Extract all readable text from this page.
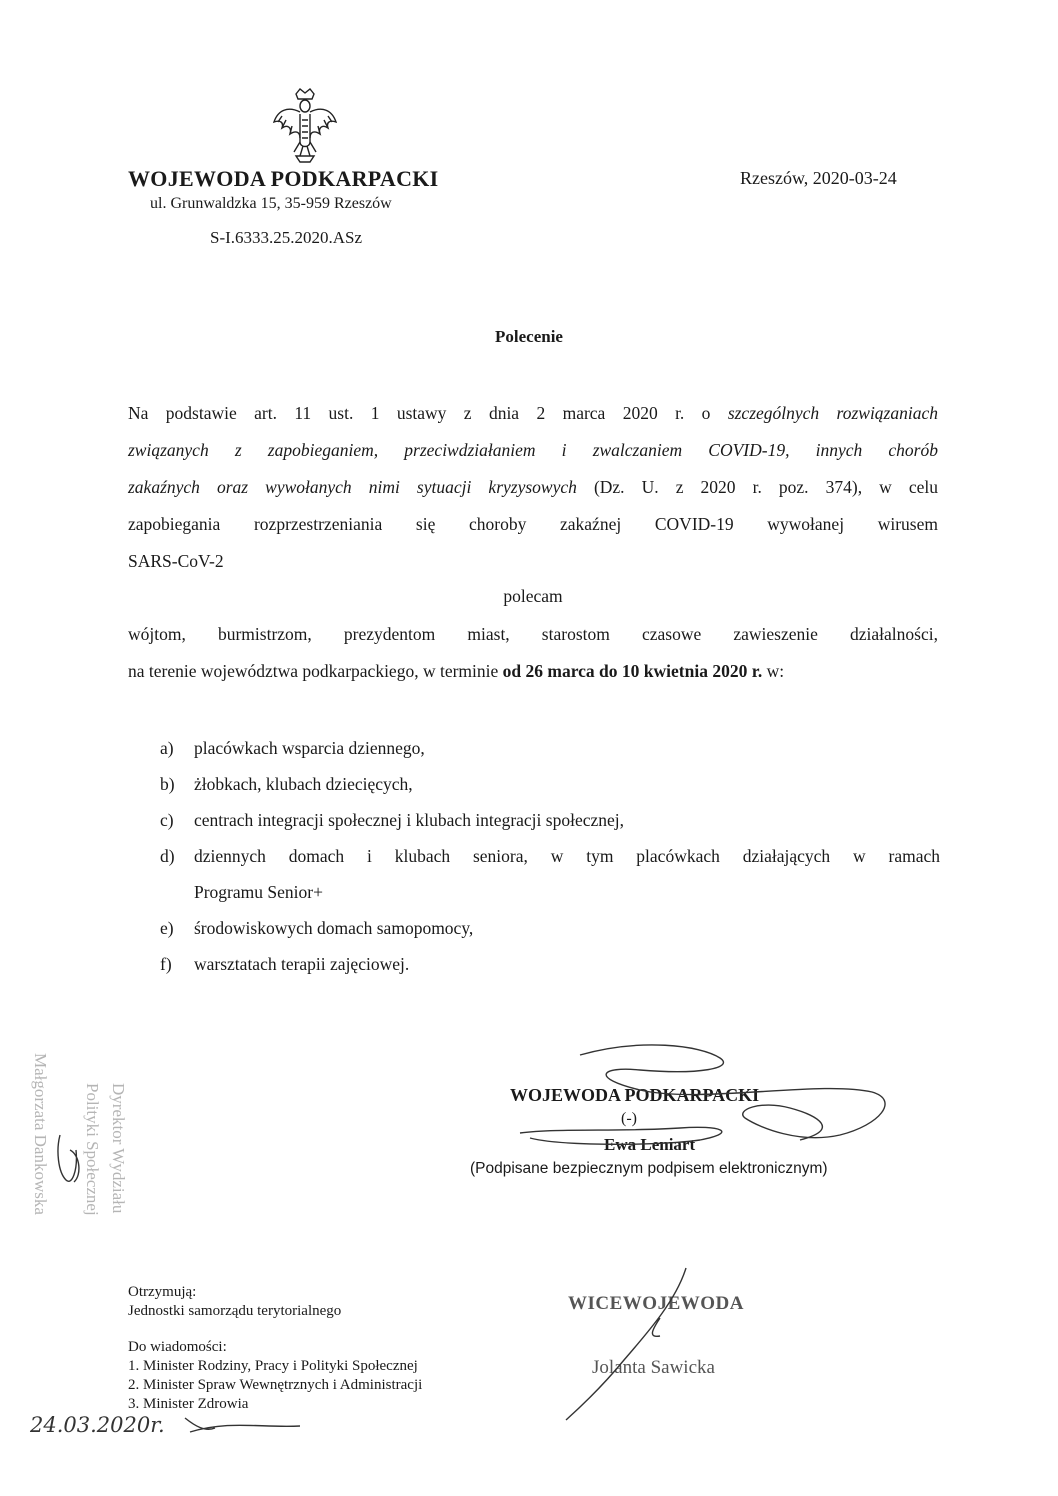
WOJEWODA PODKARPACKI
ul. Grunwaldzka 15, 35-959 Rzeszów
S-I.6333.25.2020.ASz
Rzeszów, 2020-03-24
Polecenie
Na podstawie art. 11 ust. 1 ustawy z dnia 2 marca 2020 r. o szczególnych rozwiązaniach
związanych z zapobieganiem, przeciwdziałaniem i zwalczaniem COVID-19, innych chorób
zakaźnych oraz wywołanych nimi sytuacji kryzysowych (Dz. U. z 2020 r. poz. 374), w celu
zapobiegania rozprzestrzeniania się choroby zakaźnej COVID-19 wywołanej wirusem
SARS-CoV-2
polecam
wójtom, burmistrzom, prezydentom miast, starostom czasowe zawieszenie działalności,
na terenie województwa podkarpackiego, w terminie od 26 marca do 10 kwietnia 2020 r. w:
a) placówkach wsparcia dziennego,
b) żłobkach, klubach dziecięcych,
c) centrach integracji społecznej i klubach integracji społecznej,
d) dziennych domach i klubach seniora, w tym placówkach działających w ramach
Programu Senior+
e) środowiskowych domach samopomocy,
f) warsztatach terapii zajęciowej.
WOJEWODA PODKARPACKI
(-)
Ewa Leniart
(Podpisane bezpiecznym podpisem elektronicznym)
Małgorzata Dankowska Polityki Społecznej Dyrektor Wydziału
Otrzymują:
Jednostki samorządu terytorialnego
Do wiadomości:
1. Minister Rodziny, Pracy i Polityki Społecznej
2. Minister Spraw Wewnętrznych i Administracji
3. Minister Zdrowia
WICEWOJEWODA
Jolanta Sawicka
24.03.2020r.
